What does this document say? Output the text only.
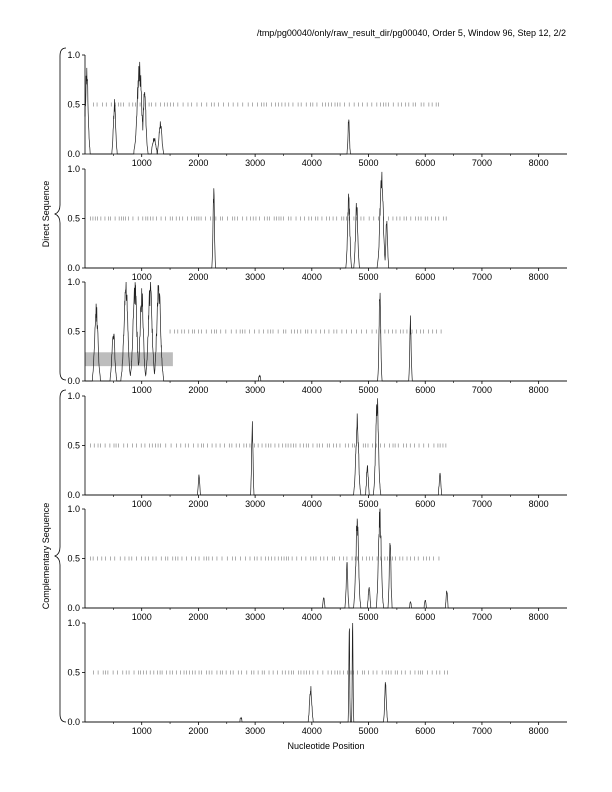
/tmp/pg00040/only/raw_result_dir/pg00040, Order 5, Window 96, Step 12, 2/2
0.0
0.5
1.0
1000	2000	3000	4000	5000	6000	7000	8000
0.0
0.5
1.0
1000	2000	3000	4000	5000	6000	7000	8000
0.0
0.5
1.0
1000	2000	3000	4000	5000	6000	7000	8000
0.0
0.5
1.0
1000	2000	3000	4000	5000	6000	7000	8000
0.0
0.5
1.0
1000	2000	3000	4000	5000	6000	7000	8000
0.0
0.5
1.0
1000	2000	3000	4000	5000	6000	7000	8000
Direct Sequence
Complementary Sequence
Nucleotide Position
